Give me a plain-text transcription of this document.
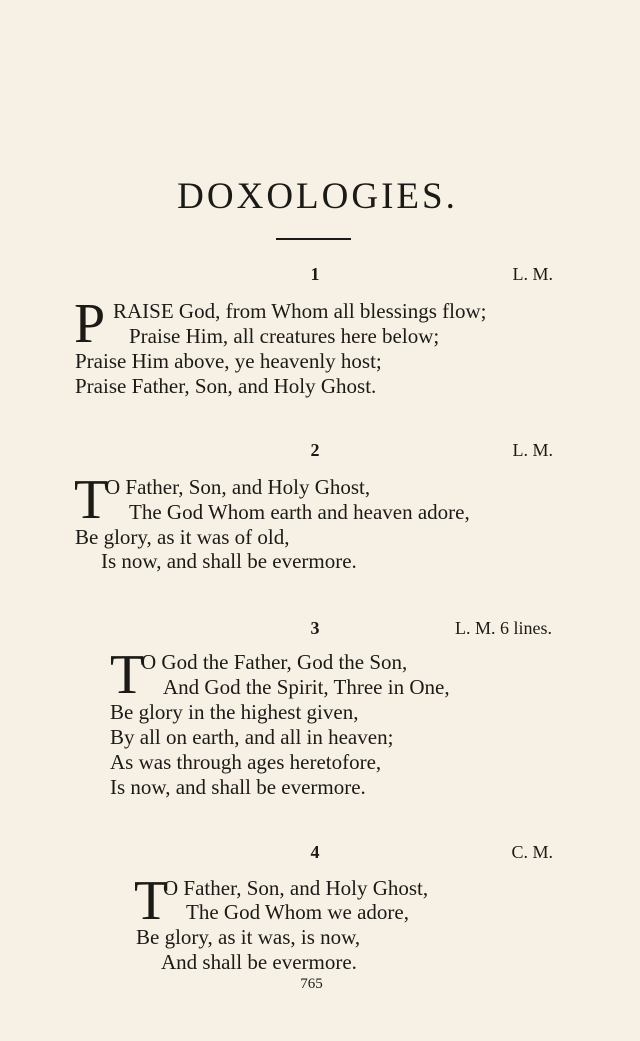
DOXOLOGIES.
1	L. M.
P RAISE God, from Whom all blessings flow;
Praise Him, all creatures here below;
Praise Him above, ye heavenly host;
Praise Father, Son, and Holy Ghost.
2	L. M.
T
O Father, Son, and Holy Ghost,
The God Whom earth and heaven adore,
Be glory, as it was of old,
Is now, and shall be evermore.
3	L. M. 6 lines.
T
O God the Father, God the Son,
And God the Spirit, Three in One,
Be glory in the highest given,
By all on earth, and all in heaven;
As was through ages heretofore,
Is now, and shall be evermore.
4	C. M.
T
O Father, Son, and Holy Ghost,
The God Whom we adore,
Be glory, as it was, is now,
And shall be evermore.
765
